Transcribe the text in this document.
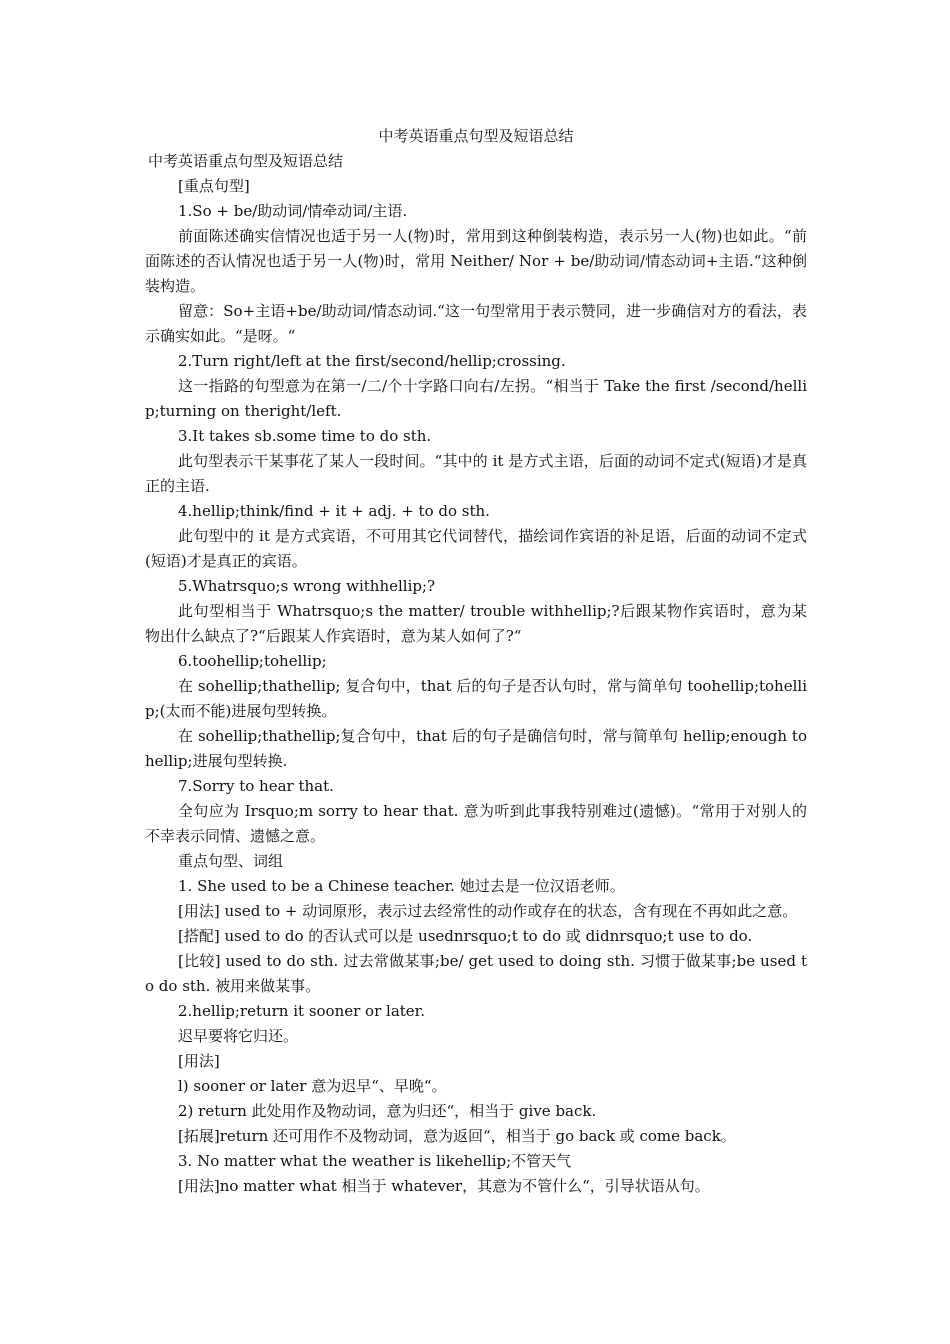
中考英语重点句型及短语总结

中考英语重点句型及短语总结

[重点句型]

1.So + be/助动词/情牵动词/主语.

前面陈述确实信情况也适于另一人(物)时，常用到这种倒装构造，表示另一人(物)也如此。“前面陈述的否认情况也适于另一人(物)时，常用 Neither/ Nor + be/助动词/情态动词+主语.“这种倒装构造。

留意：So+主语+be/助动词/情态动词.“这一句型常用于表示赞同，进一步确信对方的看法，表示确实如此。“是呀。“

2.Turn right/left at the first/second/hellip;crossing.

这一指路的句型意为在第一/二/个十字路口向右/左拐。“相当于 Take the first /second/hellip;turning on theright/left.

3.It takes sb.some time to do sth.

此句型表示干某事花了某人一段时间。“其中的 it 是方式主语，后面的动词不定式(短语)才是真正的主语.

4.hellip;think/find + it + adj. + to do sth.

此句型中的 it 是方式宾语，不可用其它代词替代，描绘词作宾语的补足语，后面的动词不定式(短语)才是真正的宾语。

5.Whatrsquo;s wrong withhellip;?

此句型相当于 Whatrsquo;s the matter/ trouble withhellip;?后跟某物作宾语时，意为某物出什么缺点了?“后跟某人作宾语时，意为某人如何了?“

6.toohellip;tohellip;

在 sohellip;thathellip; 复合句中，that 后的句子是否认句时，常与简单句 toohellip;tohellip;(太而不能)进展句型转换。

在 sohellip;thathellip;复合句中，that 后的句子是确信句时，常与简单句 hellip;enough tohellip;进展句型转换.

7.Sorry to hear that.

全句应为 Irsquo;m sorry to hear that. 意为听到此事我特别难过(遗憾)。“常用于对别人的不幸表示同情、遗憾之意。

重点句型、词组

1. She used to be a Chinese teacher. 她过去是一位汉语老师。

[用法] used to + 动词原形，表示过去经常性的动作或存在的状态，含有现在不再如此之意。

[搭配] used to do 的否认式可以是 usednrsquo;t to do 或 didnrsquo;t use to do.

[比较] used to do sth. 过去常做某事;be/ get used to doing sth. 习惯于做某事;be used to do sth. 被用来做某事。

2.hellip;return it sooner or later.

迟早要将它归还。

[用法]

l) sooner or later 意为迟早“、早晚“。

2) return 此处用作及物动词，意为归还“，相当于 give back.

[拓展]return 还可用作不及物动词，意为返回“，相当于 go back 或 come back。

3. No matter what the weather is likehellip;不管天气

[用法]no matter what 相当于 whatever，其意为不管什么“，引导状语从句。
